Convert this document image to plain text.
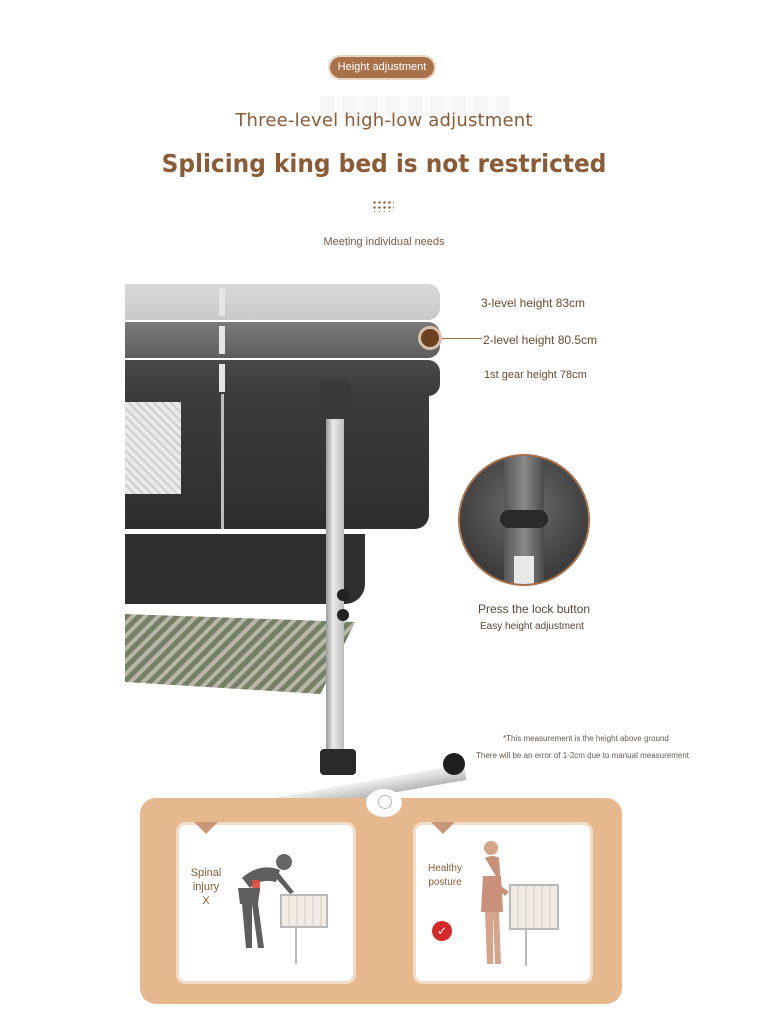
Height adjustment
Three-level high-low adjustment
Splicing king bed is not restricted
Meeting individual needs
3-level height 83cm
2-level height 80.5cm
1st gear height 78cm
Press the lock button
Easy height adjustment
*This measurement is the height above ground
There will be an error of 1-2cm due to manual measurement
Spinal
injury
X
Healthy
posture
✓
